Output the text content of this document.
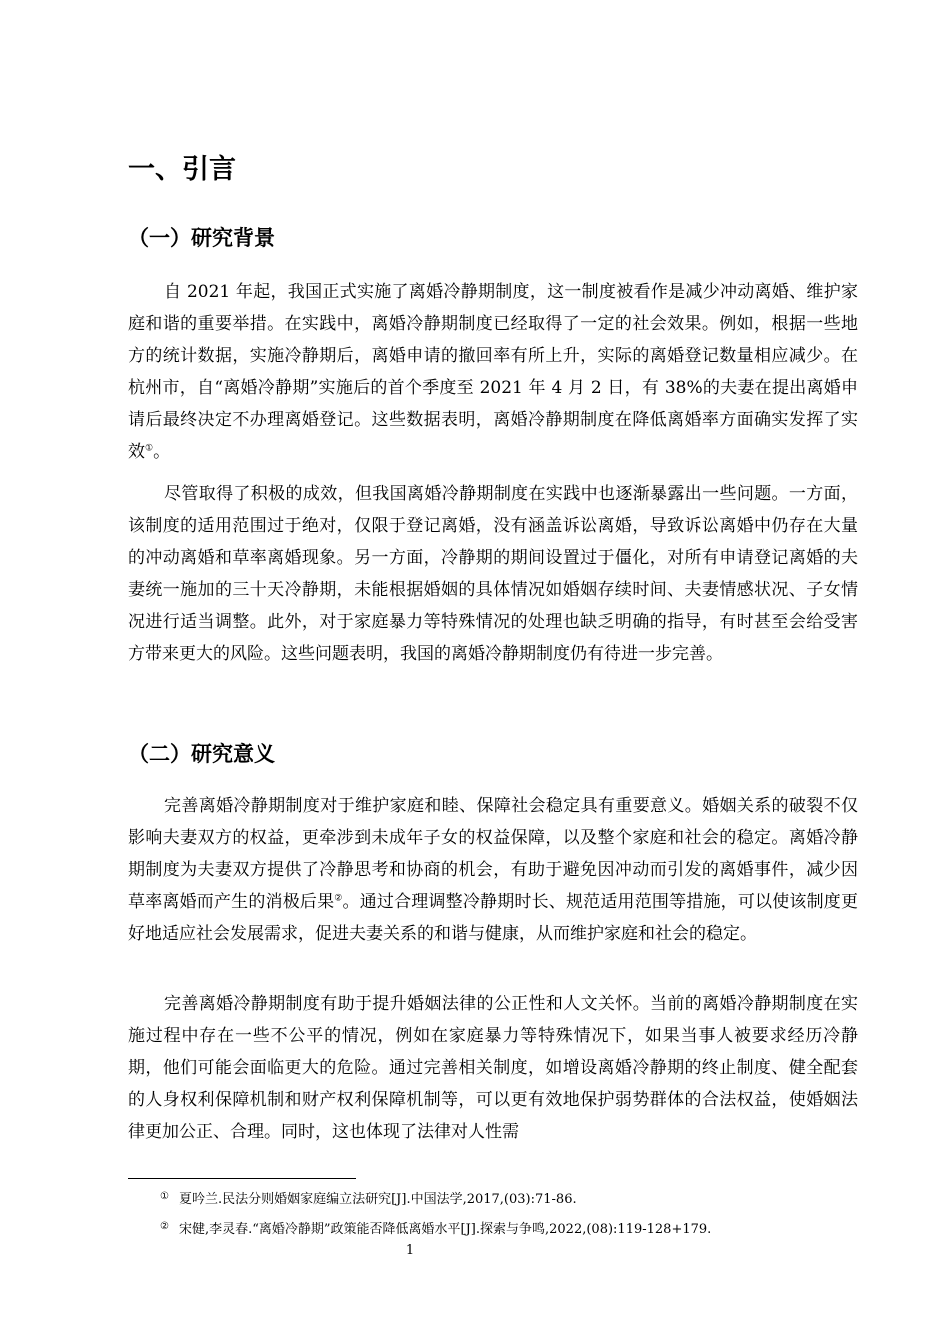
一、引言
（一）研究背景
自 2021 年起，我国正式实施了离婚冷静期制度，这一制度被看作是减少冲动离婚、维护家庭和谐的重要举措。在实践中，离婚冷静期制度已经取得了一定的社会效果。例如，根据一些地方的统计数据，实施冷静期后，离婚申请的撤回率有所上升，实际的离婚登记数量相应减少。在杭州市，自“离婚冷静期”实施后的首个季度至 2021 年 4 月 2 日，有 38%的夫妻在提出离婚申请后最终决定不办理离婚登记。这些数据表明，离婚冷静期制度在降低离婚率方面确实发挥了实效①。
尽管取得了积极的成效，但我国离婚冷静期制度在实践中也逐渐暴露出一些问题。一方面，该制度的适用范围过于绝对，仅限于登记离婚，没有涵盖诉讼离婚，导致诉讼离婚中仍存在大量的冲动离婚和草率离婚现象。另一方面，冷静期的期间设置过于僵化，对所有申请登记离婚的夫妻统一施加的三十天冷静期，未能根据婚姻的具体情况如婚姻存续时间、夫妻情感状况、子女情况进行适当调整。此外，对于家庭暴力等特殊情况的处理也缺乏明确的指导，有时甚至会给受害方带来更大的风险。这些问题表明，我国的离婚冷静期制度仍有待进一步完善。
（二）研究意义
完善离婚冷静期制度对于维护家庭和睦、保障社会稳定具有重要意义。婚姻关系的破裂不仅影响夫妻双方的权益，更牵涉到未成年子女的权益保障，以及整个家庭和社会的稳定。离婚冷静期制度为夫妻双方提供了冷静思考和协商的机会，有助于避免因冲动而引发的离婚事件，减少因草率离婚而产生的消极后果②。通过合理调整冷静期时长、规范适用范围等措施，可以使该制度更好地适应社会发展需求，促进夫妻关系的和谐与健康，从而维护家庭和社会的稳定。
完善离婚冷静期制度有助于提升婚姻法律的公正性和人文关怀。当前的离婚冷静期制度在实施过程中存在一些不公平的情况，例如在家庭暴力等特殊情况下，如果当事人被要求经历冷静期，他们可能会面临更大的危险。通过完善相关制度，如增设离婚冷静期的终止制度、健全配套的人身权利保障机制和财产权利保障机制等，可以更有效地保护弱势群体的合法权益，使婚姻法律更加公正、合理。同时，这也体现了法律对人性需
① 夏吟兰.民法分则婚姻家庭编立法研究[J].中国法学,2017,(03):71-86.
② 宋健,李灵春.“离婚冷静期”政策能否降低离婚水平[J].探索与争鸣,2022,(08):119-128+179.
1
